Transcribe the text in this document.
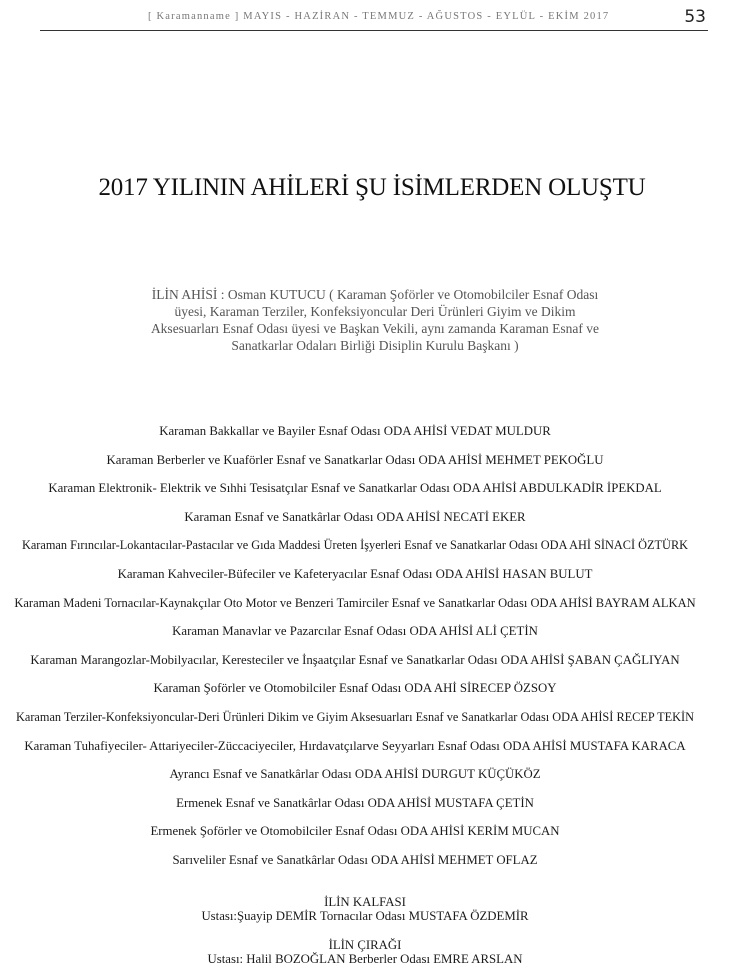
[ Karamanname ] MAYIS - HAZİRAN - TEMMUZ - AĞUSTOS - EYLÜL - EKİM 2017	53
2017 YILININ AHİLERİ ŞU İSİMLERDEN OLUŞTU
İLİN AHİSİ : Osman KUTUCU ( Karaman Şoförler ve Otomobilciler Esnaf Odası
üyesi, Karaman Terziler, Konfeksiyoncular Deri Ürünleri Giyim ve Dikim
Aksesuarları Esnaf Odası üyesi ve Başkan Vekili, aynı zamanda Karaman Esnaf ve
Sanatkarlar Odaları Birliği Disiplin Kurulu Başkanı )
Karaman Bakkallar ve Bayiler Esnaf Odası ODA AHİSİ VEDAT MULDUR
Karaman Berberler ve Kuaförler Esnaf ve Sanatkarlar Odası ODA AHİSİ MEHMET PEKOĞLU
Karaman Elektronik- Elektrik ve Sıhhi Tesisatçılar Esnaf ve Sanatkarlar Odası ODA AHİSİ ABDULKADİR İPEKDAL
Karaman Esnaf ve Sanatkârlar Odası ODA AHİSİ NECATİ EKER
Karaman Fırıncılar-Lokantacılar-Pastacılar ve Gıda Maddesi Üreten İşyerleri Esnaf ve Sanatkarlar Odası ODA AHİ SİNACİ ÖZTÜRK
Karaman Kahveciler-Büfeciler ve Kafeteryacılar Esnaf Odası ODA AHİSİ HASAN BULUT
Karaman Madeni Tornacılar-Kaynakçılar Oto Motor ve Benzeri Tamirciler Esnaf ve Sanatkarlar Odası ODA AHİSİ BAYRAM ALKAN
Karaman Manavlar ve Pazarcılar Esnaf Odası ODA AHİSİ ALİ ÇETİN
Karaman Marangozlar-Mobilyacılar, Keresteciler ve İnşaatçılar Esnaf ve Sanatkarlar Odası ODA AHİSİ ŞABAN ÇAĞLIYAN
Karaman Şoförler ve Otomobilciler Esnaf Odası ODA AHİ SİRECEP ÖZSOY
Karaman Terziler-Konfeksiyoncular-Deri Ürünleri Dikim ve Giyim Aksesuarları Esnaf ve Sanatkarlar Odası ODA AHİSİ RECEP TEKİN
Karaman Tuhafiyeciler- Attariyeciler-Züccaciyeciler, Hırdavatçılarve Seyyarları Esnaf Odası ODA AHİSİ MUSTAFA KARACA
Ayrancı Esnaf ve Sanatkârlar Odası ODA AHİSİ DURGUT KÜÇÜKÖZ
Ermenek Esnaf ve Sanatkârlar Odası ODA AHİSİ MUSTAFA ÇETİN
Ermenek Şoförler ve Otomobilciler Esnaf Odası ODA AHİSİ KERİM MUCAN
Sarıveliler Esnaf ve Sanatkârlar Odası ODA AHİSİ MEHMET OFLAZ
İLİN KALFASI
Ustası:Şuayip DEMİR Tornacılar Odası MUSTAFA ÖZDEMİR
İLİN ÇIRAĞI
Ustası: Halil BOZOĞLAN Berberler Odası EMRE ARSLAN
